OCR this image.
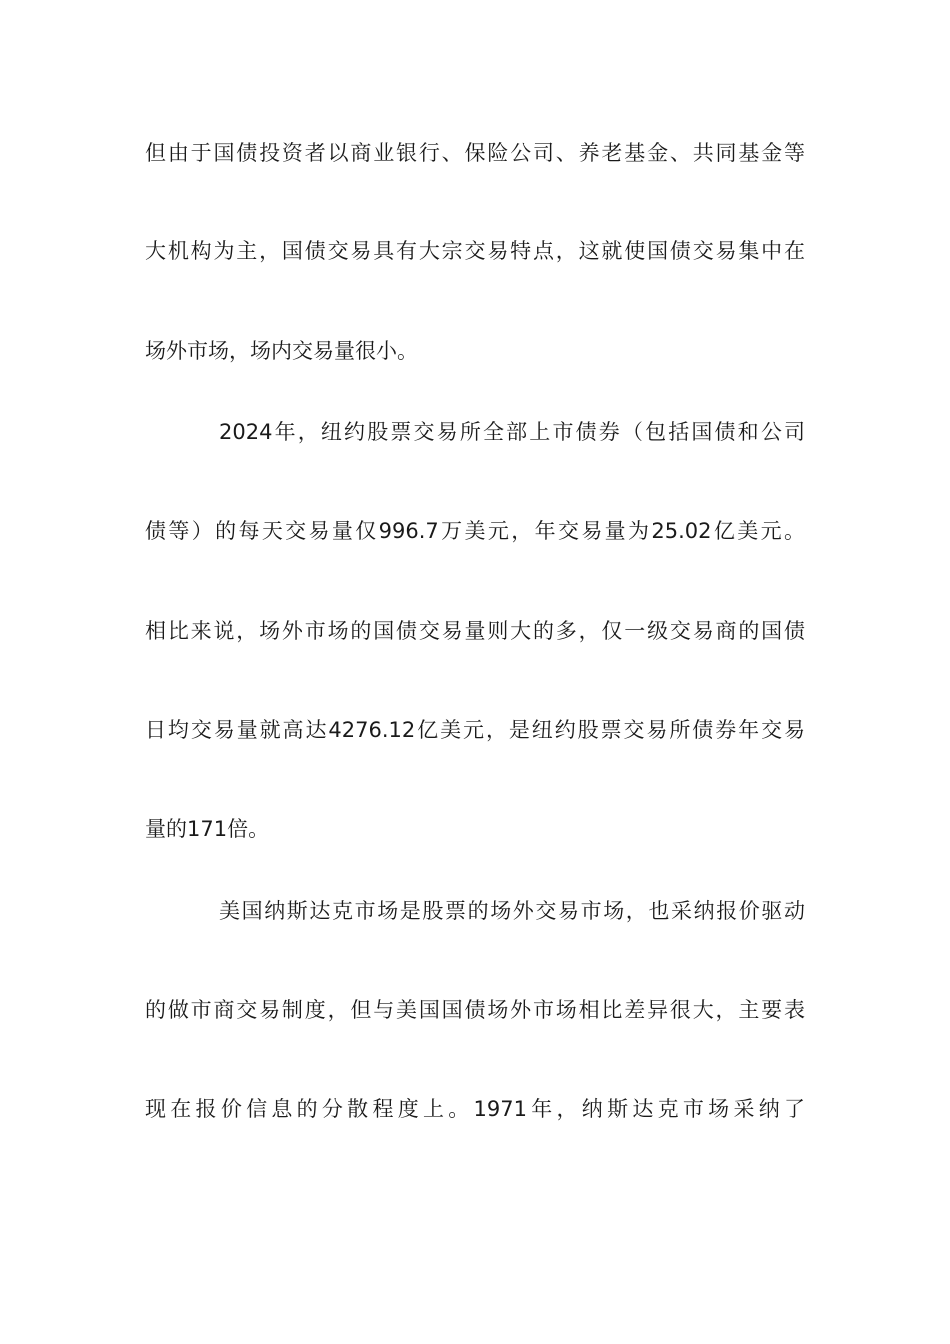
但由于国债投资者以商业银行、保险公司、养老基金、共同基金等
大机构为主，国债交易具有大宗交易特点，这就使国债交易集中在
场外市场，场内交易量很小。
2024年，纽约股票交易所全部上市债券（包括国债和公司
债等）的每天交易量仅996.7万美元，年交易量为25.02亿美元。
相比来说，场外市场的国债交易量则大的多，仅一级交易商的国债
日均交易量就高达4276.12亿美元，是纽约股票交易所债券年交易
量的171倍。
美国纳斯达克市场是股票的场外交易市场，也采纳报价驱动
的做市商交易制度，但与美国国债场外市场相比差异很大，主要表
现在报价信息的分散程度上。1971年，纳斯达克市场采纳了
